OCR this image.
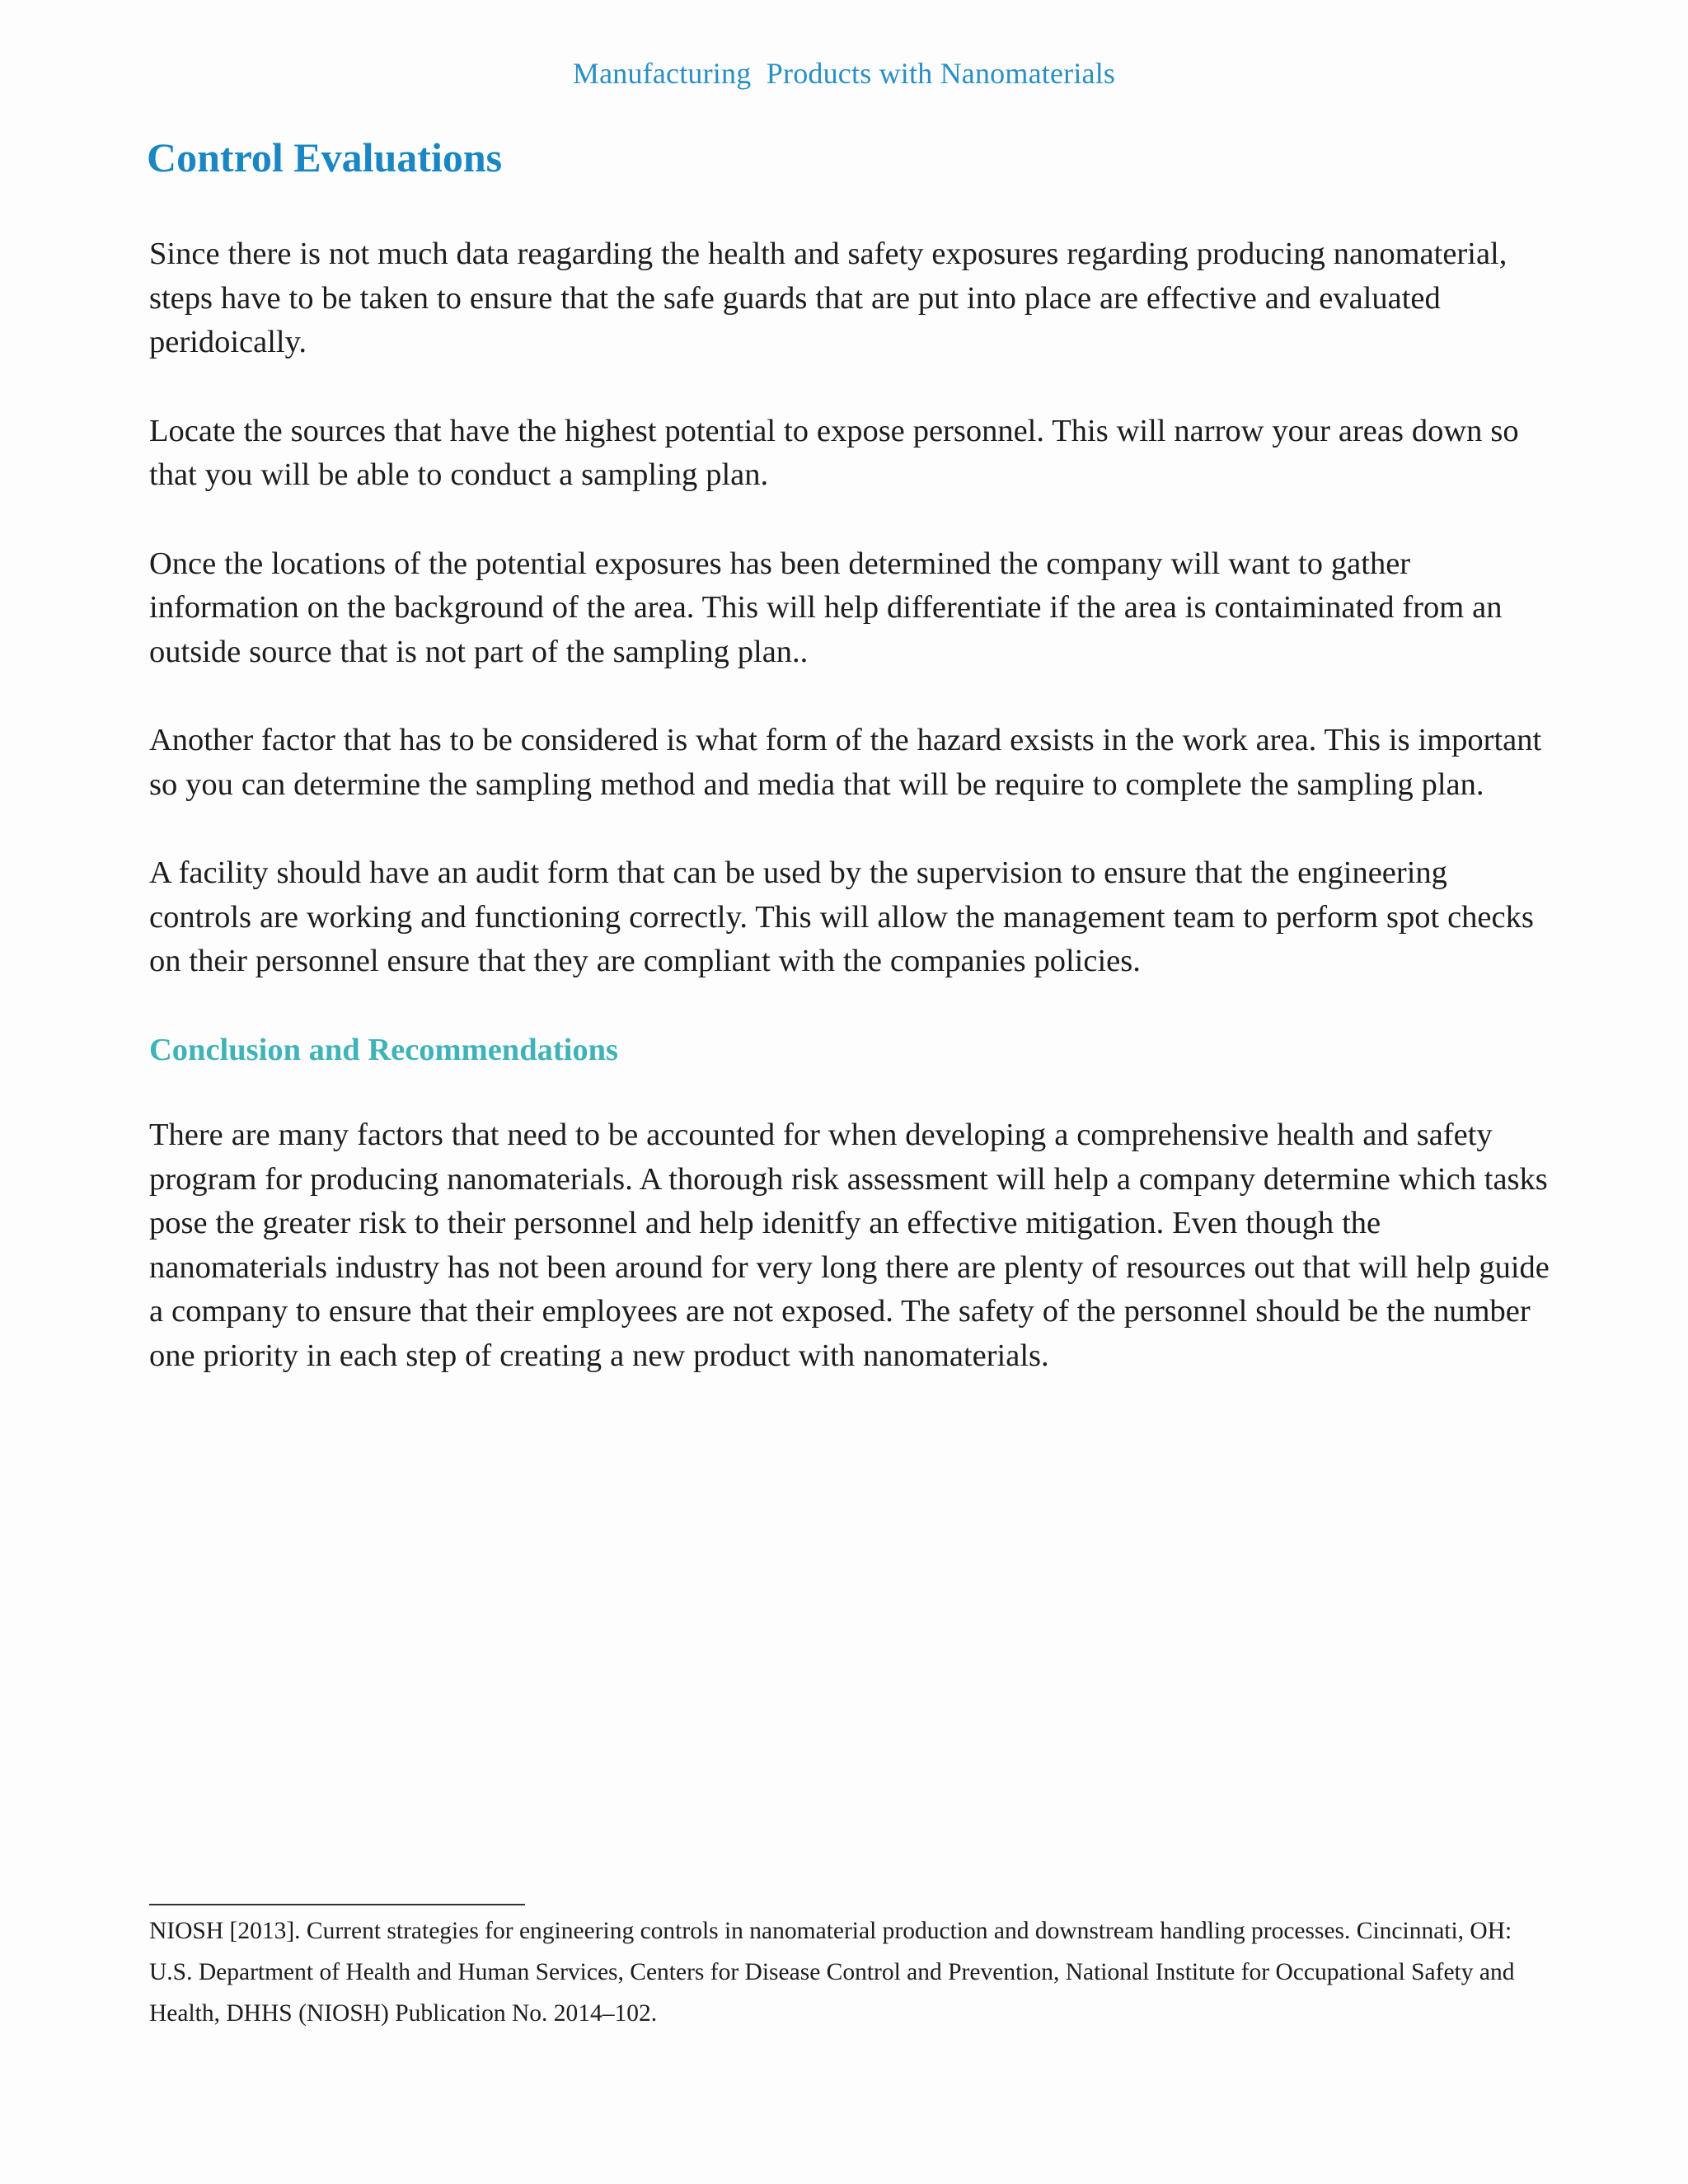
Manufacturing  Products with Nanomaterials
Control Evaluations

Since there is not much data reagarding the health and safety exposures regarding producing nanomaterial, steps have to be taken to ensure that the safe guards that are put into place are effective and evaluated peridoically.

Locate the sources that have the highest potential to expose personnel. This will narrow your areas down so that you will be able to conduct a sampling plan.

Once the locations of the potential exposures has been determined the company will want to gather information on the background of the area. This will help differentiate if the area is contaiminated from an outside source that is not part of the sampling plan..

Another factor that has to be considered is what form of the hazard exsists in the work area. This is important so you can determine the sampling method and media that will be require to complete the sampling plan.

A facility should have an audit form that can be used by the supervision to ensure that the engineering controls are working and functioning correctly. This will allow the management team to perform spot checks on their personnel ensure that they are compliant with the companies policies.

Conclusion and Recommendations

There are many factors that need to be accounted for when developing a comprehensive health and safety program for producing nanomaterials. A thorough risk assessment will help a company determine which tasks pose the greater risk to their personnel and help idenitfy an effective mitigation. Even though the nanomaterials industry has not been around for very long there are plenty of resources out that will help guide a company to ensure that their employees are not exposed. The safety of the personnel should be the number one priority in each step of creating a new product with nanomaterials.

NIOSH [2013]. Current strategies for engineering controls in nanomaterial production and downstream handling processes. Cincinnati, OH: U.S. Department of Health and Human Services, Centers for Disease Control and Prevention, National Institute for Occupational Safety and Health, DHHS (NIOSH) Publication No. 2014–102.
